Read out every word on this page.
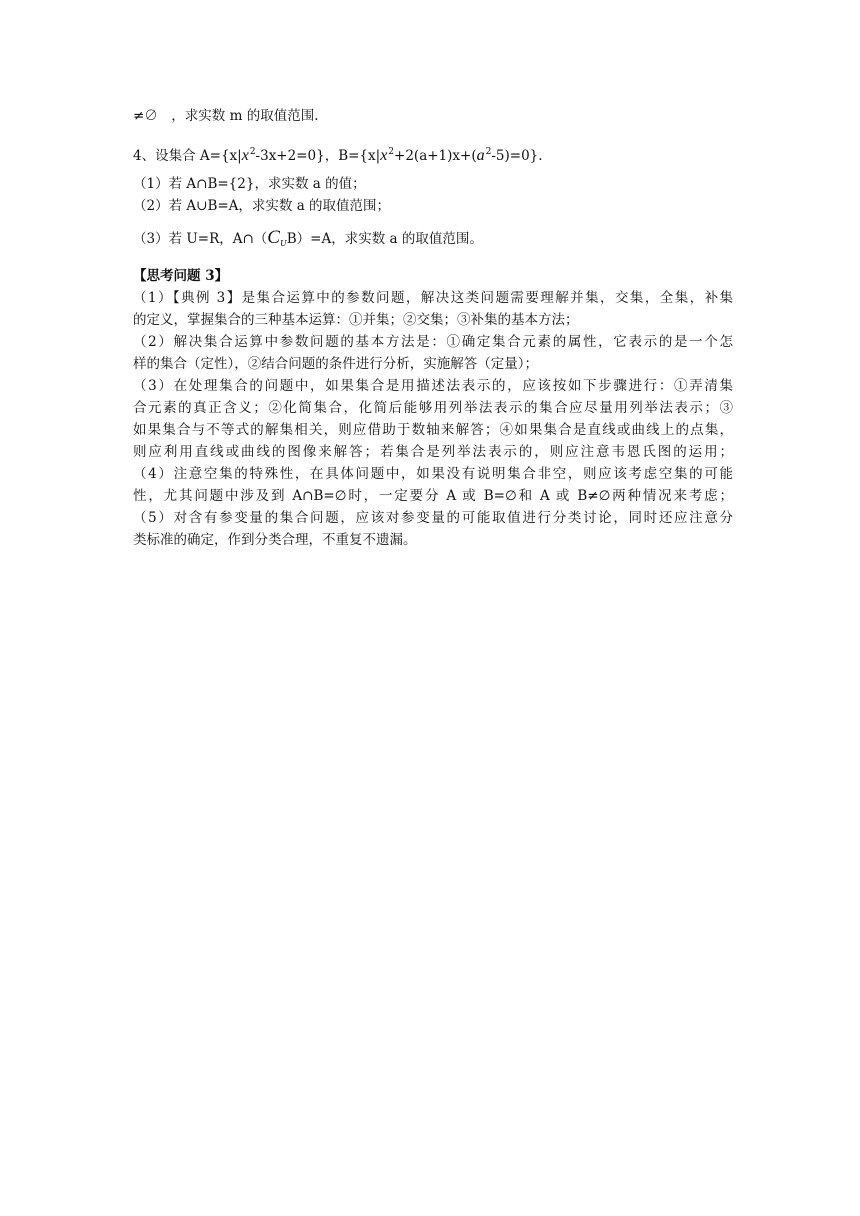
≠∅　，求实数 m 的取值范围.
4、设集合 $A=\{x|x^2-3x+2=0\}$，$B=\{x|x^2+2(a+1)x+(a^2-5)=0\}$.
（1）若 A∩B={2}，求实数 a 的值；
（2）若 A∪B=A，求实数 a 的取值范围；
（3）若 U=R，$A\cap(C_UB)=A$，求实数 a 的取值范围。
【思考问题 3】
（1）【典例 3】是集合运算中的参数问题，解决这类问题需要理解并集，交集，全集，补集
的定义，掌握集合的三种基本运算：①并集；②交集；③补集的基本方法；
（2）解决集合运算中参数问题的基本方法是：①确定集合元素的属性，它表示的是一个怎
样的集合（定性），②结合问题的条件进行分析，实施解答（定量）；
（3）在处理集合的问题中，如果集合是用描述法表示的，应该按如下步骤进行：①弄清集
合元素的真正含义；②化简集合，化简后能够用列举法表示的集合应尽量用列举法表示；③
如果集合与不等式的解集相关，则应借助于数轴来解答；④如果集合是直线或曲线上的点集，
则应利用直线或曲线的图像来解答；若集合是列举法表示的，则应注意韦恩氏图的运用；
（4）注意空集的特殊性，在具体问题中，如果没有说明集合非空，则应该考虑空集的可能
性，尤其问题中涉及到 A∩B=∅时，一定要分 A 或 B=∅和 A 或 B≠∅两种情况来考虑；
（5）对含有参变量的集合问题，应该对参变量的可能取值进行分类讨论，同时还应注意分
类标准的确定，作到分类合理，不重复不遗漏。
